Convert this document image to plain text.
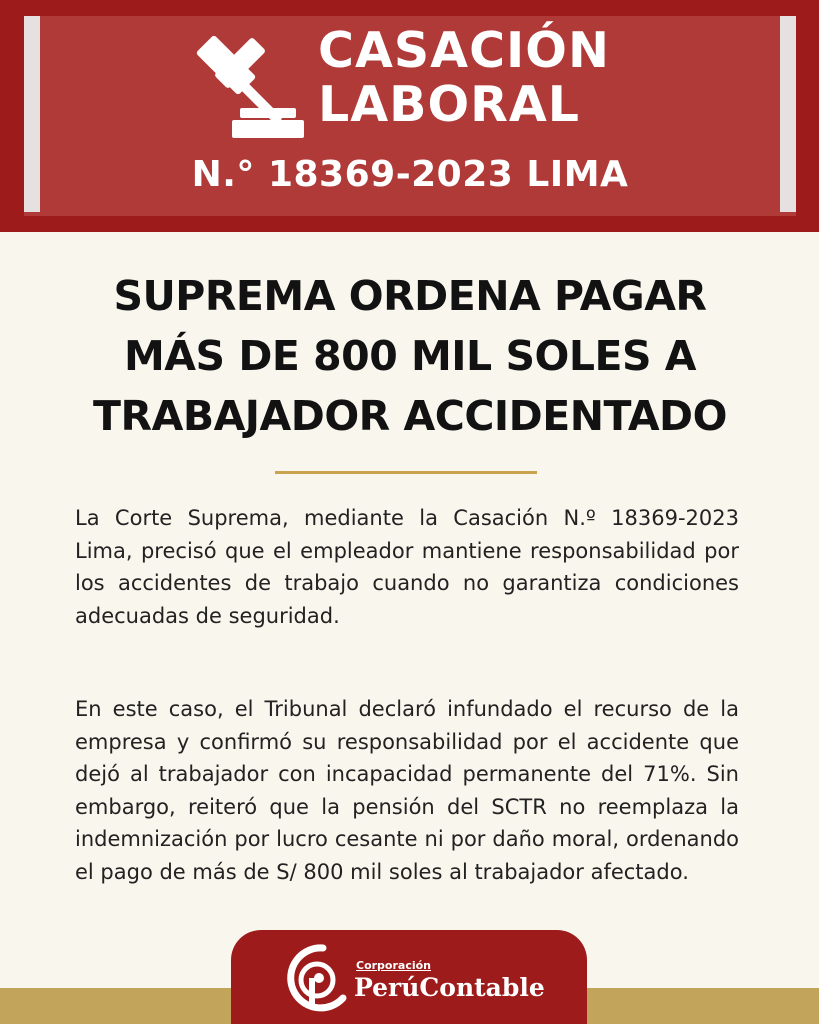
CASACIÓN
LABORAL
N.° 18369-2023 LIMA
SUPREMA ORDENA PAGAR
MÁS DE 800 MIL SOLES A
TRABAJADOR ACCIDENTADO

La Corte Suprema, mediante la Casación N.º 18369-2023 Lima, precisó que el empleador mantiene responsabilidad por los accidentes de trabajo cuando no garantiza condiciones adecuadas de seguridad.

En este caso, el Tribunal declaró infundado el recurso de la empresa y confirmó su responsabilidad por el accidente que dejó al trabajador con incapacidad permanente del 71%. Sin embargo, reiteró que la pensión del SCTR no reemplaza la indemnización por lucro cesante ni por daño moral, ordenando el pago de más de S/ 800 mil soles al trabajador afectado.

Corporación
PerúContable
